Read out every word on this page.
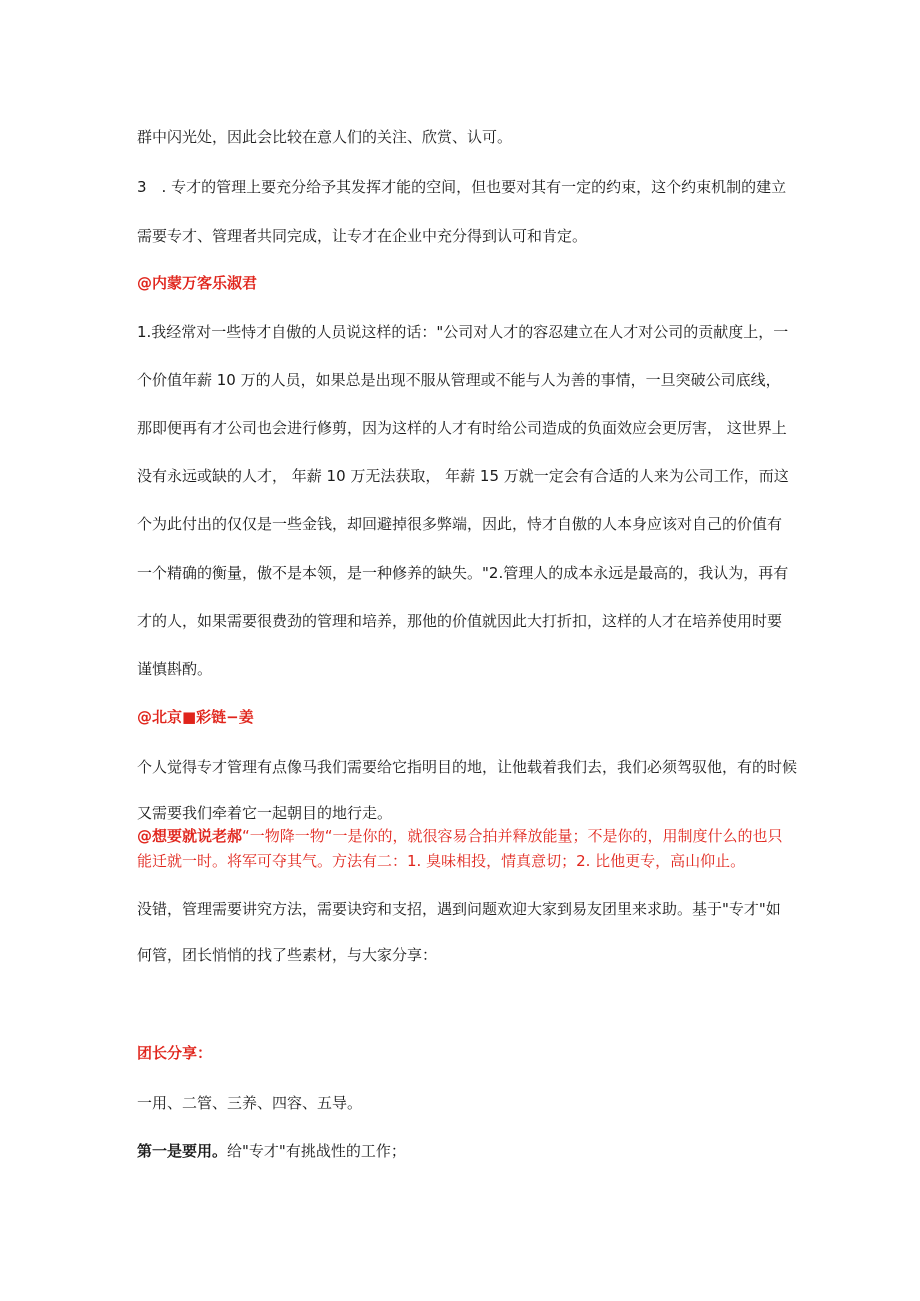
群中闪光处，因此会比较在意人们的关注、欣赏、认可。
3　. 专才的管理上要充分给予其发挥才能的空间，但也要对其有一定的约束，这个约束机制的建立
需要专才、管理者共同完成，让专才在企业中充分得到认可和肯定。
@内蒙万客乐淑君
1.我经常对一些恃才自傲的人员说这样的话："公司对人才的容忍建立在人才对公司的贡献度上，一
个价值年薪 10 万的人员，如果总是出现不服从管理或不能与人为善的事情，一旦突破公司底线，
那即便再有才公司也会进行修剪，因为这样的人才有时给公司造成的负面效应会更厉害， 这世界上
没有永远或缺的人才， 年薪 10 万无法获取， 年薪 15 万就一定会有合适的人来为公司工作，而这
个为此付出的仅仅是一些金钱，却回避掉很多弊端，因此，恃才自傲的人本身应该对自己的价值有
一个精确的衡量，傲不是本领，是一种修养的缺失。"2.管理人的成本永远是最高的，我认为，再有
才的人，如果需要很费劲的管理和培养，那他的价值就因此大打折扣，这样的人才在培养使用时要
谨慎斟酌。
@北京■彩链−姜
个人觉得专才管理有点像马我们需要给它指明目的地，让他载着我们去，我们必须驾驭他，有的时候
又需要我们牵着它一起朝目的地行走。
@想要就说老郝“一物降一物“一是你的，就很容易合拍并释放能量；不是你的，用制度什么的也只
能迁就一时。将军可夺其气。方法有二：1. 臭味相投，情真意切；2. 比他更专，高山仰止。
没错，管理需要讲究方法，需要诀窍和支招，遇到问题欢迎大家到易友团里来求助。基于"专才"如
何管，团长悄悄的找了些素材，与大家分享：
团长分享：
一用、二管、三养、四容、五导。
第一是要用。给"专才"有挑战性的工作；
